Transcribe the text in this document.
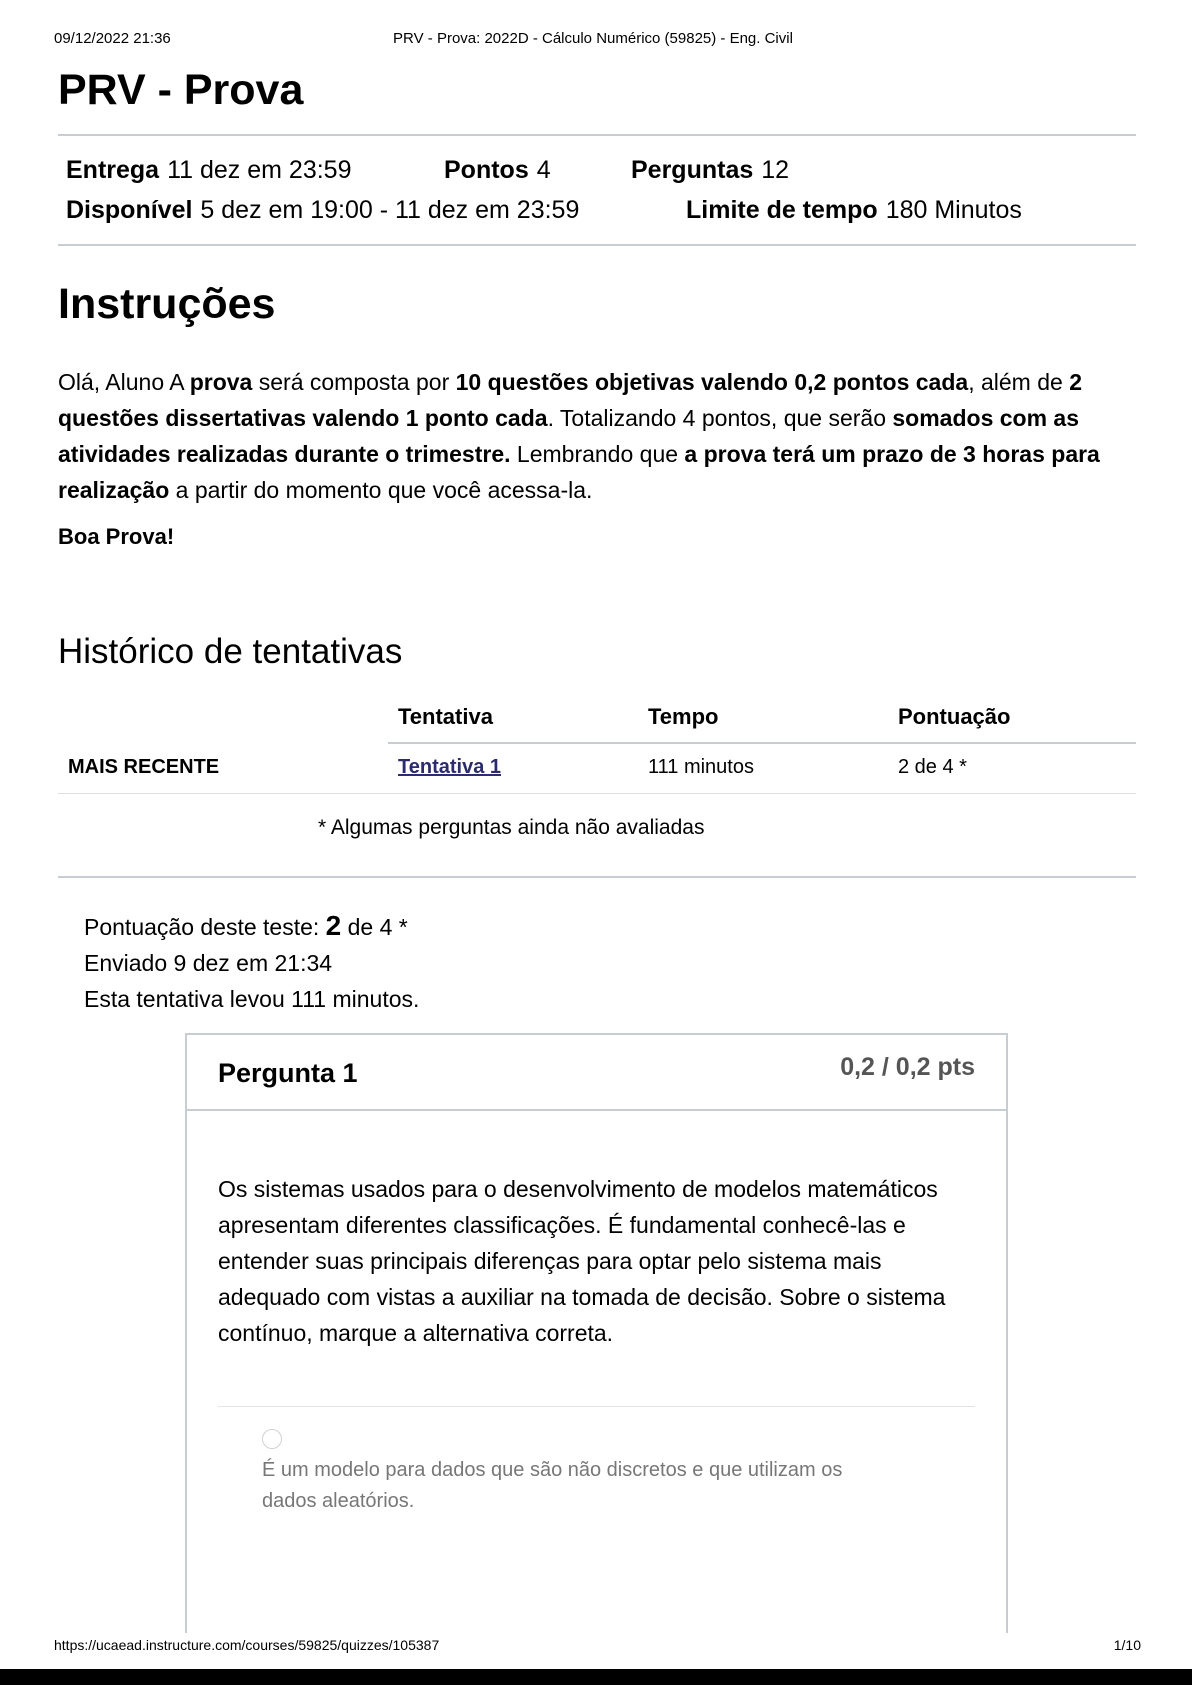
09/12/2022 21:36	PRV - Prova: 2022D - Cálculo Numérico (59825) - Eng. Civil
PRV - Prova
Entrega 11 dez em 23:59	Pontos 4	Perguntas 12
Disponível 5 dez em 19:00 - 11 dez em 23:59	Limite de tempo 180 Minutos
Instruções

Olá, Aluno A prova será composta por 10 questões objetivas valendo 0,2 pontos cada, além de 2 questões dissertativas valendo 1 ponto cada. Totalizando 4 pontos, que serão somados com as atividades realizadas durante o trimestre. Lembrando que a prova terá um prazo de 3 horas para realização a partir do momento que você acessa-la.

Boa Prova!

Histórico de tentativas
	Tentativa	Tempo	Pontuação
MAIS RECENTE	Tentativa 1	111 minutos	2 de 4 *
* Algumas perguntas ainda não avaliadas
Pontuação deste teste: 2 de 4 *
Enviado 9 dez em 21:34
Esta tentativa levou 111 minutos.
Pergunta 1	0,2 / 0,2 pts
Os sistemas usados para o desenvolvimento de modelos matemáticos apresentam diferentes classificações. É fundamental conhecê-las e entender suas principais diferenças para optar pelo sistema mais adequado com vistas a auxiliar na tomada de decisão. Sobre o sistema contínuo, marque a alternativa correta.
É um modelo para dados que são não discretos e que utilizam os dados aleatórios.
https://ucaead.instructure.com/courses/59825/quizzes/105387	1/10
